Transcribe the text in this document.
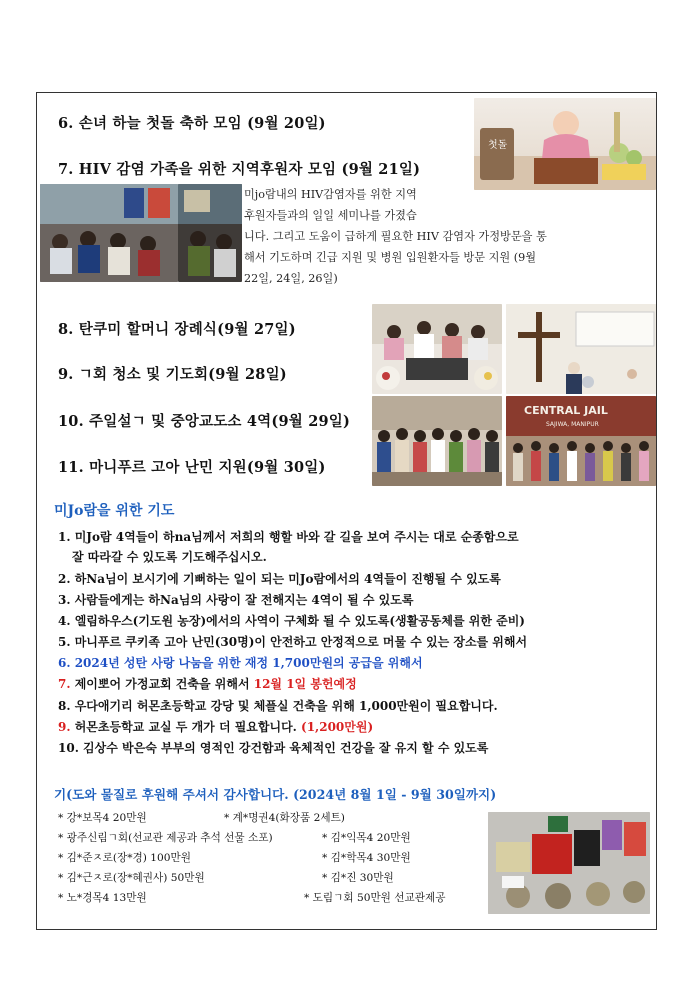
6. 손녀 하늘 첫돌 축하 모임 (9월 20일)
첫돌
7. HIV 감염 가족을 위한 지역후원자 모임 (9월 21일)
미jo람내의 HIV감염자를 위한 지역
후원자들과의 일일 세미나를 가졌습
니다. 그리고 도움이 급하게 필요한 HIV 감염자 가정방문을 통
해서 기도하며 긴급 지원 및 병원 입원환자들 방문 지원 (9월
22일, 24일, 26일)
8. 탄쿠미 할머니 장례식(9월 27일)
9. ㄱ회 청소 및 기도회(9월 28일)
10. 주일설ㄱ 및 중앙교도소 4역(9월 29일)
11. 마니푸르 고아 난민 지원(9월 30일)
CENTRAL JAIL
SAJIWA, MANIPUR
미Jo람을 위한 기도
1. 미Jo람 4역들이 하na님께서 저희의 행할 바와 갈 길을 보여 주시는 대로 순종함으로
잘 따라갈 수 있도록 기도해주십시오.
2. 하Na님이 보시기에 기뻐하는 일이 되는 미Jo람에서의 4역들이 진행될 수 있도록
3. 사람들에게는 하Na님의 사랑이 잘 전해지는 4역이 될 수 있도록
4. 엘림하우스(기도원 농장)에서의 사역이 구체화 될 수 있도록(생활공동체를 위한 준비)
5. 마니푸르 쿠키족 고아 난민(30명)이 안전하고 안정적으로 머물 수 있는 장소를 위해서
6. 2024년 성탄 사랑 나눔을 위한 재정 1,700만원의 공급을 위해서
7. 제이뽀어 가정교회 건축을 위해서 12월 1일 봉헌예정
8. 우다애기리 허몬초등학교 강당 및 체플실 건축을 위해 1,000만원이 필요합니다.
9. 허몬초등학교 교실 두 개가 더 필요합니다. (1,200만원)
10. 김상수 박은숙 부부의 영적인 강건함과 육체적인 건강을 잘 유지 할 수 있도록
기(도와 물질로 후원해 주셔서 감사합니다. (2024년 8월 1일 - 9월 30일까지)
* 강*보목4 20만원
* 광주신림ㄱ회(선교관 제공과 추석 선물 소포)
* 김*준ㅈ로(장*경) 100만원
* 김*근ㅈ로(장*혜권사) 50만원
* 노*경목4 13만원
* 계*명권4(화장품 2세트)
* 김*익목4 20만원
* 김*학목4 30만원
* 김*진 30만원
* 도림ㄱ회 50만원 선교관제공
